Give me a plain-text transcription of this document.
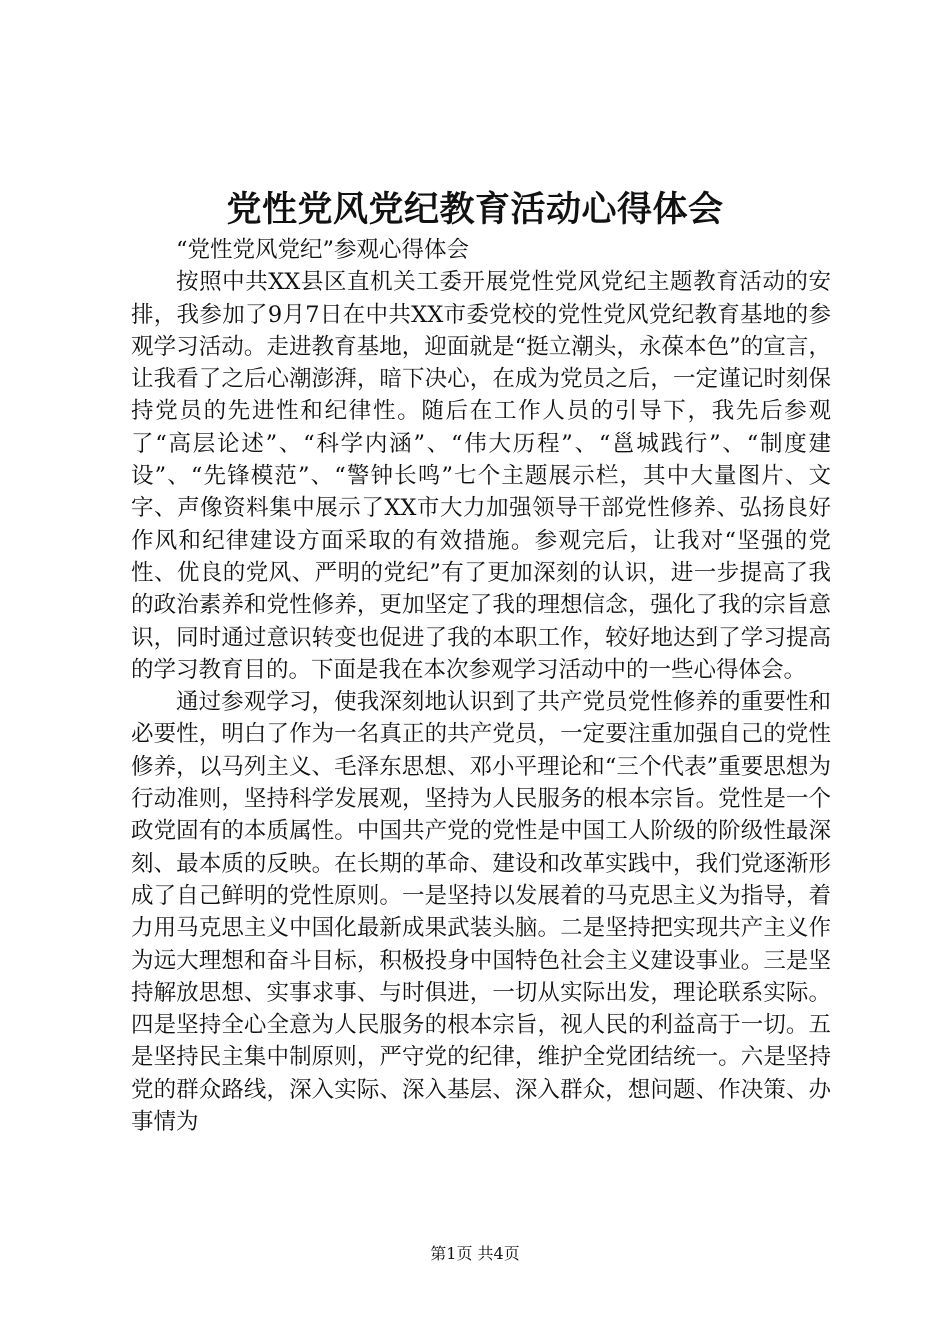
党性党风党纪教育活动心得体会

“党性党风党纪”参观心得体会

按照中共XX县区直机关工委开展党性党风党纪主题教育活动的安排，我参加了9月7日在中共XX市委党校的党性党风党纪教育基地的参观学习活动。走进教育基地，迎面就是“挺立潮头，永葆本色”的宣言，让我看了之后心潮澎湃，暗下决心，在成为党员之后，一定谨记时刻保持党员的先进性和纪律性。随后在工作人员的引导下，我先后参观了“高层论述”、“科学内涵”、“伟大历程”、“邕城践行”、“制度建设”、“先锋模范”、“警钟长鸣”七个主题展示栏，其中大量图片、文字、声像资料集中展示了XX市大力加强领导干部党性修养、弘扬良好作风和纪律建设方面采取的有效措施。参观完后，让我对“坚强的党性、优良的党风、严明的党纪”有了更加深刻的认识，进一步提高了我的政治素养和党性修养，更加坚定了我的理想信念，强化了我的宗旨意识，同时通过意识转变也促进了我的本职工作，较好地达到了学习提高的学习教育目的。下面是我在本次参观学习活动中的一些心得体会。

通过参观学习，使我深刻地认识到了共产党员党性修养的重要性和必要性，明白了作为一名真正的共产党员，一定要注重加强自己的党性修养，以马列主义、毛泽东思想、邓小平理论和“三个代表”重要思想为行动准则，坚持科学发展观，坚持为人民服务的根本宗旨。党性是一个政党固有的本质属性。中国共产党的党性是中国工人阶级的阶级性最深刻、最本质的反映。在长期的革命、建设和改革实践中，我们党逐渐形成了自己鲜明的党性原则。一是坚持以发展着的马克思主义为指导，着力用马克思主义中国化最新成果武装头脑。二是坚持把实现共产主义作为远大理想和奋斗目标，积极投身中国特色社会主义建设事业。三是坚持解放思想、实事求事、与时俱进，一切从实际出发，理论联系实际。四是坚持全心全意为人民服务的根本宗旨，视人民的利益高于一切。五是坚持民主集中制原则，严守党的纪律，维护全党团结统一。六是坚持党的群众路线，深入实际、深入基层、深入群众，想问题、作决策、办事情为

第1页 共4页
